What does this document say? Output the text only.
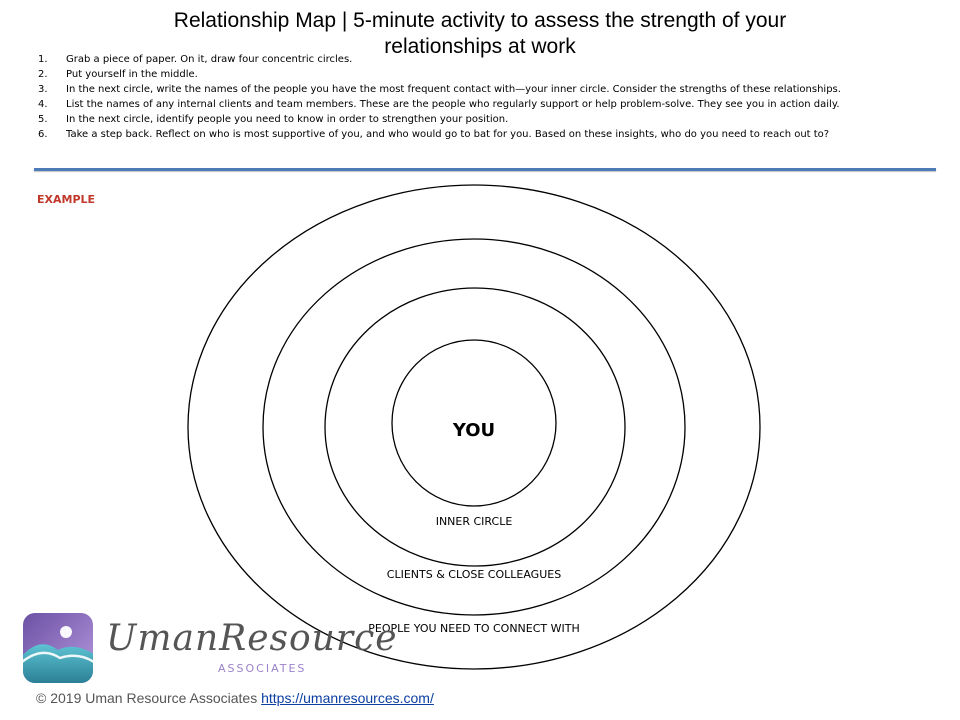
Relationship Map | 5-minute activity to assess the strength of your
relationships at work
1. Grab a piece of paper. On it, draw four concentric circles.
2. Put yourself in the middle.
3. In the next circle, write the names of the people you have the most frequent contact with—your inner circle. Consider the strengths of these relationships.
4. List the names of any internal clients and team members. These are the people who regularly support or help problem-solve. They see you in action daily.
5. In the next circle, identify people you need to know in order to strengthen your position.
6. Take a step back. Reflect on who is most supportive of you, and who would go to bat for you. Based on these insights, who do you need to reach out to?
EXAMPLE
YOU
INNER CIRCLE
CLIENTS & CLOSE COLLEAGUES
PEOPLE YOU NEED TO CONNECT WITH
UmanResource
ASSOCIATES
© 2019 Uman Resource Associates https://umanresources.com/
